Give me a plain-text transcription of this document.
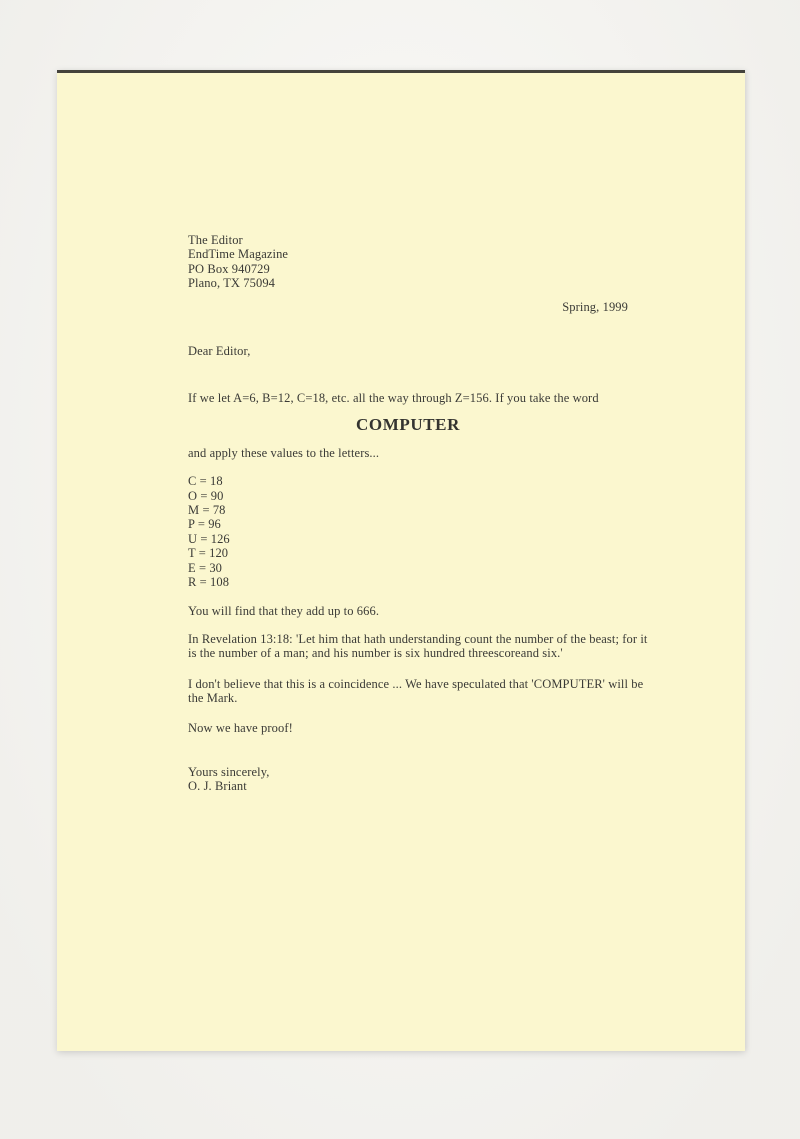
The Editor
EndTime Magazine
PO Box 940729
Plano, TX 75094
Spring, 1999
Dear Editor,
If we let A=6, B=12, C=18, etc. all the way through Z=156. If you take the word
COMPUTER
and apply these values to the letters...
C = 18
O = 90
M = 78
P = 96
U = 126
T = 120
E = 30
R = 108
You will find that they add up to 666.
In Revelation 13:18: 'Let him that hath understanding count the number of the beast; for it
is the number of a man; and his number is six hundred threescoreand six.'
I don't believe that this is a coincidence ... We have speculated that 'COMPUTER' will be
the Mark.
Now we have proof!
Yours sincerely,
O. J. Briant
